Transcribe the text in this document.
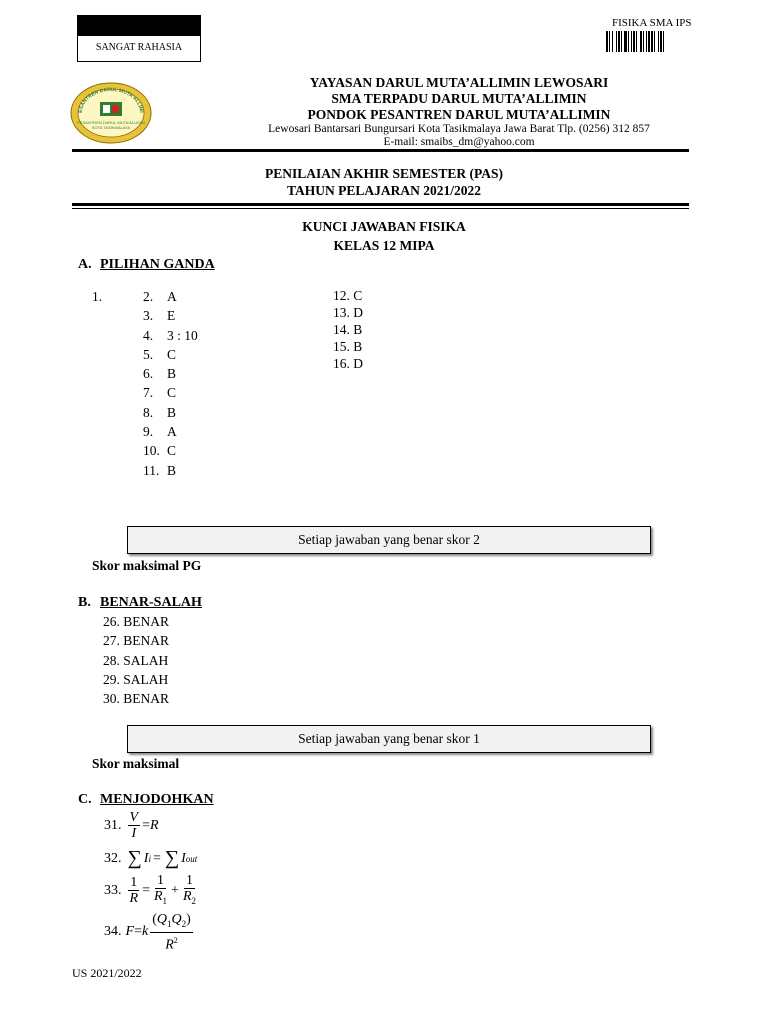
SANGAT RAHASIA
FISIKA SMA IPS
ESANTREN DARUL MUTA'ALLIMI
PESANTREN DARUL MUTA'ALLIMIN
KOTA TASIKMALAYA
YAYASAN DARUL MUTA’ALLIMIN LEWOSARI
SMA TERPADU DARUL MUTA’ALLIMIN
PONDOK PESANTREN DARUL MUTA’ALLIMIN
Lewosari Bantarsari Bungursari Kota Tasikmalaya Jawa Barat Tlp. (0256) 312 857
E-mail: smaibs_dm@yahoo.com
PENILAIAN AKHIR SEMESTER (PAS)
TAHUN PELAJARAN 2021/2022
KUNCI JAWABAN FISIKA
KELAS 12 MIPA
A. PILIHAN GANDA
1.	2. A
3. E
4. 3 : 10
5. C
6. B
7. C
8. B
9. A
10. C
11. B
12. C
13. D
14. B
15. B
16. D
Setiap jawaban yang benar skor 2
Skor maksimal PG
B. BENAR-SALAH
26. BENAR
27. BENAR
28. SALAH
29. SALAH
30. BENAR
Setiap jawaban yang benar skor 1
Skor maksimal
C. MENJODOHKAN
31. $\frac{V}{I} = R$
32. ∑ I i = ∑ I out
33. $\frac{1}{R} = \frac{1}{R_1} + \frac{1}{R_2}$
34. F = k $\frac{(Q_1Q_2)}{R^2}$
US 2021/2022
